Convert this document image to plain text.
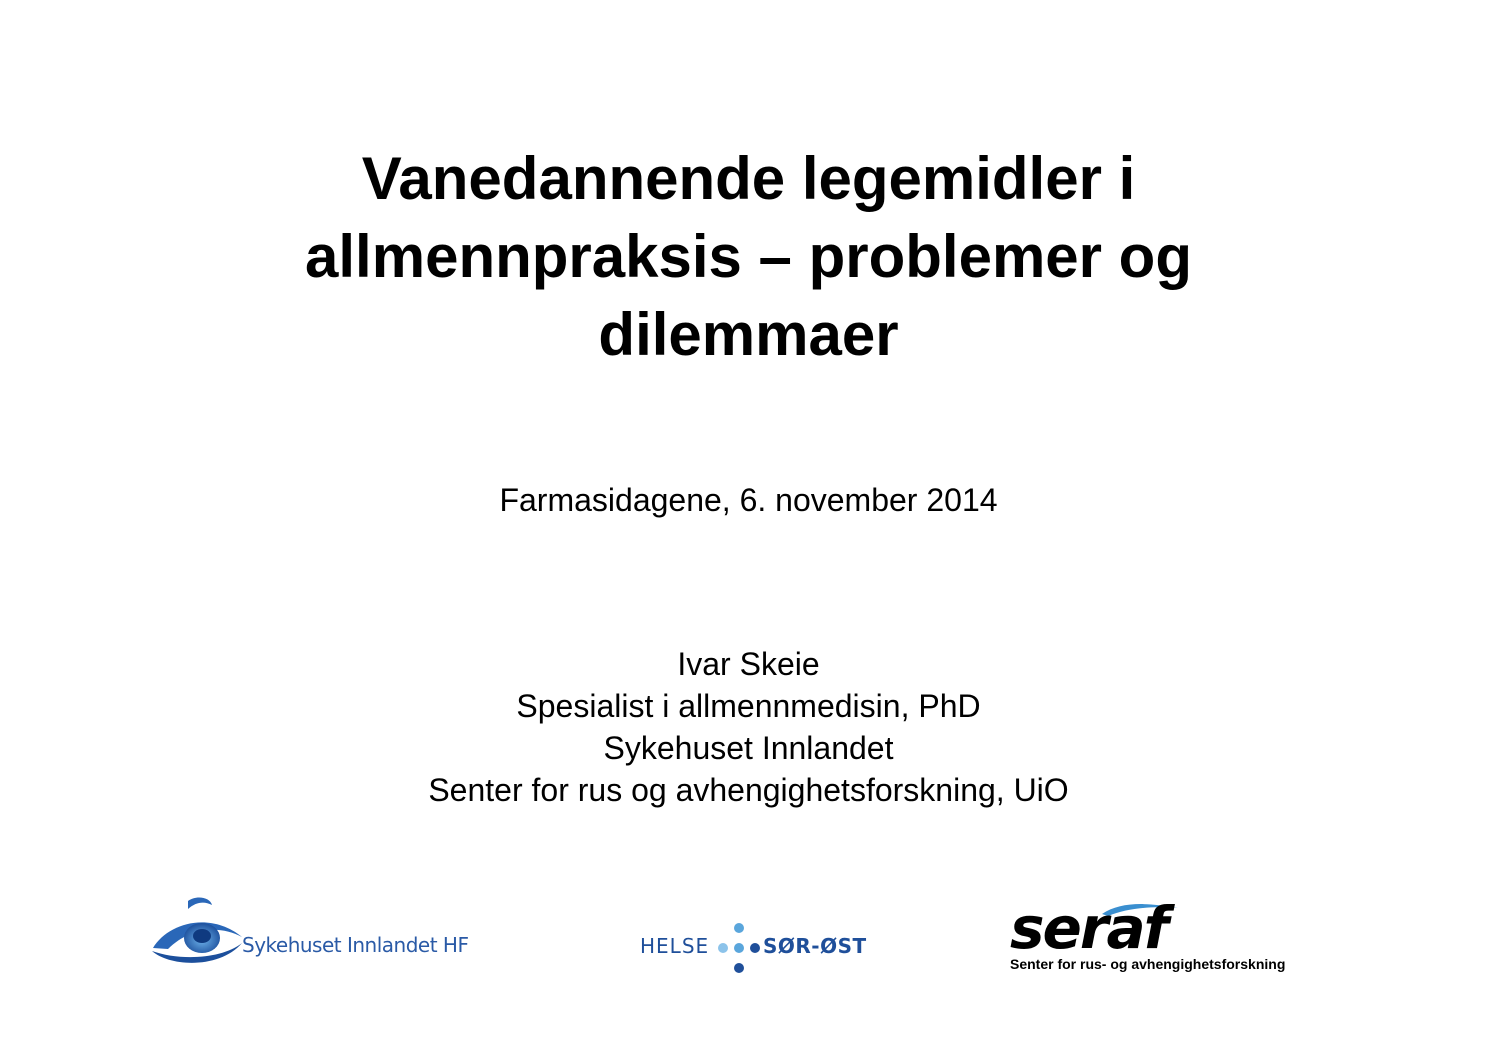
Vanedannende legemidler i
allmennpraksis – problemer og
dilemmaer
Farmasidagene, 6. november 2014
Ivar Skeie
Spesialist i allmennmedisin, PhD
Sykehuset Innlandet
Senter for rus og avhengighetsforskning, UiO
Sykehuset Innlandet HF	HELSE	SØR-ØST seraf
Senter for rus- og avhengighetsforskning
